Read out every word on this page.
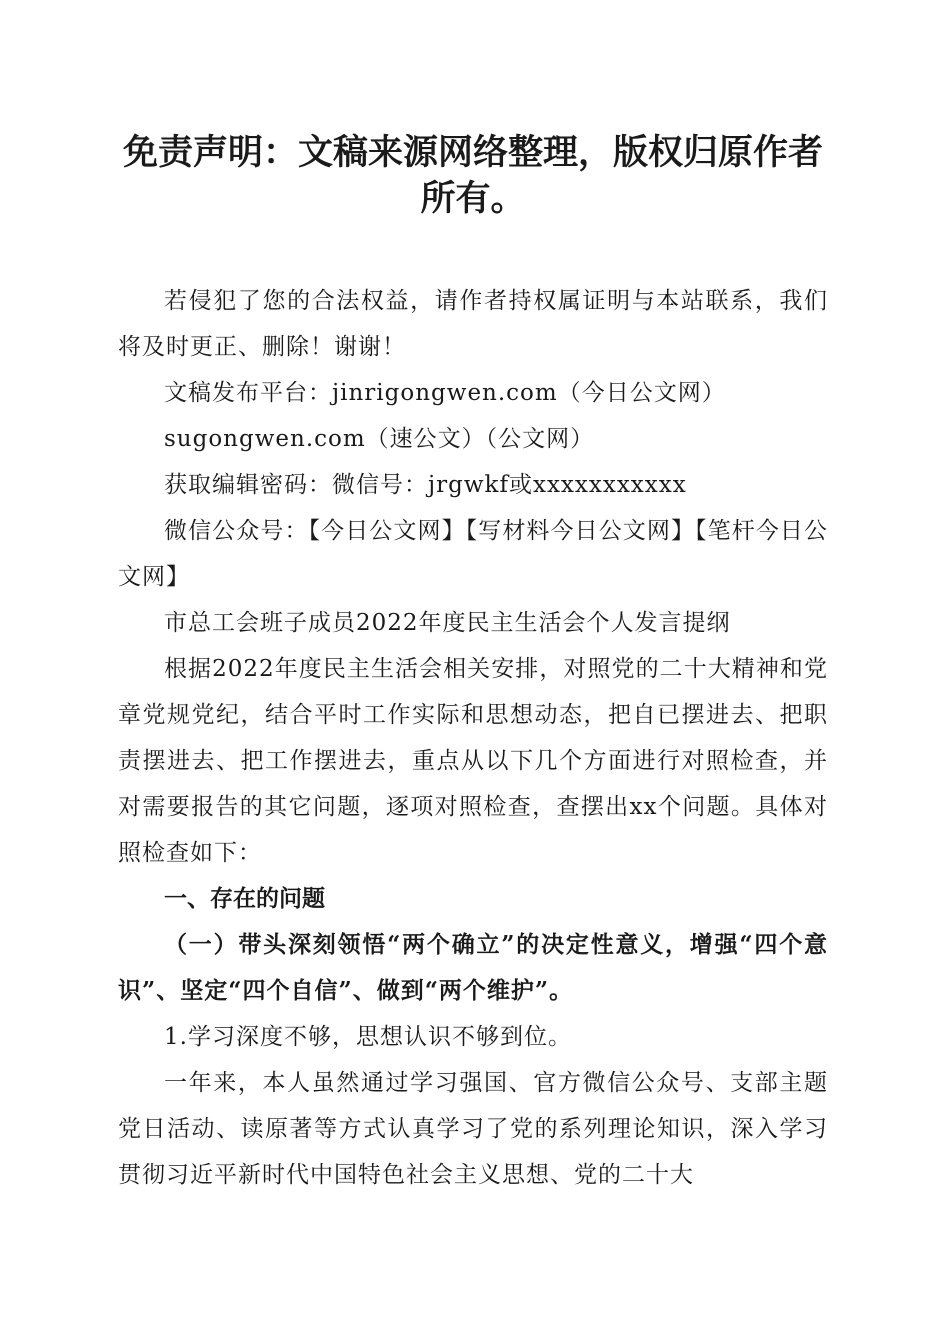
免责声明：文稿来源网络整理，版权归原作者所有。

若侵犯了您的合法权益，请作者持权属证明与本站联系，我们将及时更正、删除！谢谢！

文稿发布平台：jinrigongwen.com（今日公文网）

sugongwen.com（速公文）（公文网）

获取编辑密码：微信号：jrgwkf或xxxxxxxxxxx

微信公众号：【今日公文网】【写材料今日公文网】【笔杆今日公文网】

市总工会班子成员2022年度民主生活会个人发言提纲

根据2022年度民主生活会相关安排，对照党的二十大精神和党章党规党纪，结合平时工作实际和思想动态，把自已摆进去、把职责摆进去、把工作摆进去，重点从以下几个方面进行对照检查，并对需要报告的其它问题，逐项对照检查，查摆出xx个问题。具体对照检查如下：

一、存在的问题

（一）带头深刻领悟“两个确立”的决定性意义，增强“四个意识”、坚定“四个自信”、做到“两个维护”。

1.学习深度不够，思想认识不够到位。

一年来，本人虽然通过学习强国、官方微信公众号、支部主题党日活动、读原著等方式认真学习了党的系列理论知识，深入学习贯彻习近平新时代中国特色社会主义思想、党的二十大
